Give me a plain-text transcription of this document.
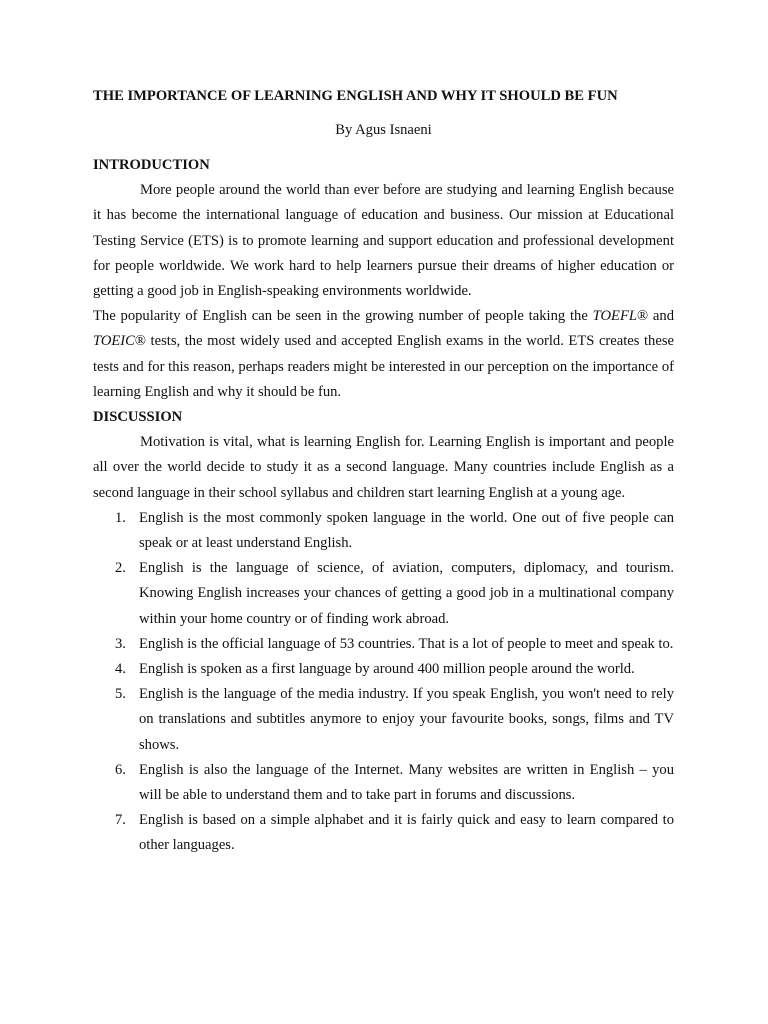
THE IMPORTANCE OF LEARNING ENGLISH AND WHY IT SHOULD BE FUN
By Agus Isnaeni
INTRODUCTION

More people around the world than ever before are studying and learning English because it has become the international language of education and business. Our mission at Educational Testing Service (ETS) is to promote learning and support education and professional development for people worldwide. We work hard to help learners pursue their dreams of higher education or getting a good job in English-speaking environments worldwide.

The popularity of English can be seen in the growing number of people taking the TOEFL® and TOEIC® tests, the most widely used and accepted English exams in the world. ETS creates these tests and for this reason, perhaps readers might be interested in our perception on the importance of learning English and why it should be fun.

DISCUSSION

Motivation is vital, what is learning English for. Learning English is important and people all over the world decide to study it as a second language. Many countries include English as a second language in their school syllabus and children start learning English at a young age.

1. English is the most commonly spoken language in the world. One out of five people can speak or at least understand English.
2. English is the language of science, of aviation, computers, diplomacy, and tourism. Knowing English increases your chances of getting a good job in a multinational company within your home country or of finding work abroad.
3. English is the official language of 53 countries. That is a lot of people to meet and speak to.
4. English is spoken as a first language by around 400 million people around the world.
5. English is the language of the media industry. If you speak English, you won't need to rely on translations and subtitles anymore to enjoy your favourite books, songs, films and TV shows.
6. English is also the language of the Internet. Many websites are written in English – you will be able to understand them and to take part in forums and discussions.
7. English is based on a simple alphabet and it is fairly quick and easy to learn compared to other languages.
